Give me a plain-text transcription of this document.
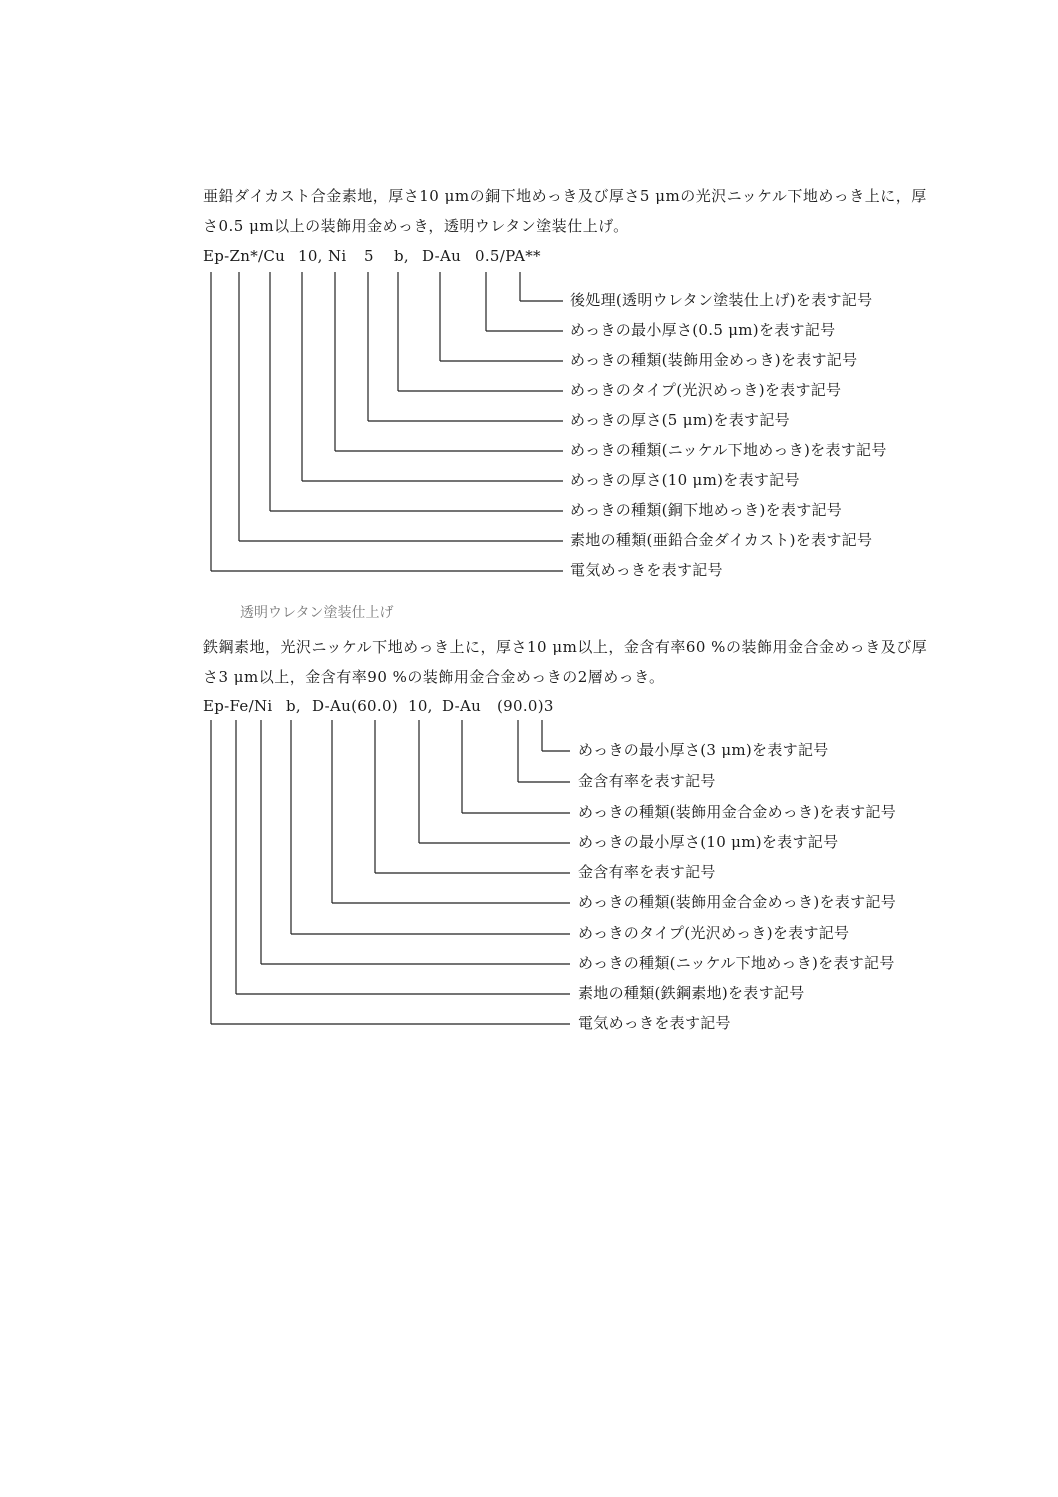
亜鉛ダイカスト合金素地，厚さ10 μmの銅下地めっき及び厚さ5 μmの光沢ニッケル下地めっき上に，厚
さ0.5 μm以上の装飾用金めっき，透明ウレタン塗装仕上げ。
Ep-Zn*/Cu 10, Ni 5 b, D-Au 0.5/PA**
後処理(透明ウレタン塗装仕上げ)を表す記号
めっきの最小厚さ(0.5 μm)を表す記号
めっきの種類(装飾用金めっき)を表す記号
めっきのタイプ(光沢めっき)を表す記号
めっきの厚さ(5 μm)を表す記号
めっきの種類(ニッケル下地めっき)を表す記号
めっきの厚さ(10 μm)を表す記号
めっきの種類(銅下地めっき)を表す記号
素地の種類(亜鉛合金ダイカスト)を表す記号
電気めっきを表す記号
透明ウレタン塗装仕上げ
鉄鋼素地，光沢ニッケル下地めっき上に，厚さ10 μm以上，金含有率60 %の装飾用金合金めっき及び厚
さ3 μm以上，金含有率90 %の装飾用金合金めっきの2層めっき。
Ep-Fe/Ni b, D-Au(60.0) 10, D-Au (90.0)3
めっきの最小厚さ(3 μm)を表す記号
金含有率を表す記号
めっきの種類(装飾用金合金めっき)を表す記号
めっきの最小厚さ(10 μm)を表す記号
金含有率を表す記号
めっきの種類(装飾用金合金めっき)を表す記号
めっきのタイプ(光沢めっき)を表す記号
めっきの種類(ニッケル下地めっき)を表す記号
素地の種類(鉄鋼素地)を表す記号
電気めっきを表す記号
